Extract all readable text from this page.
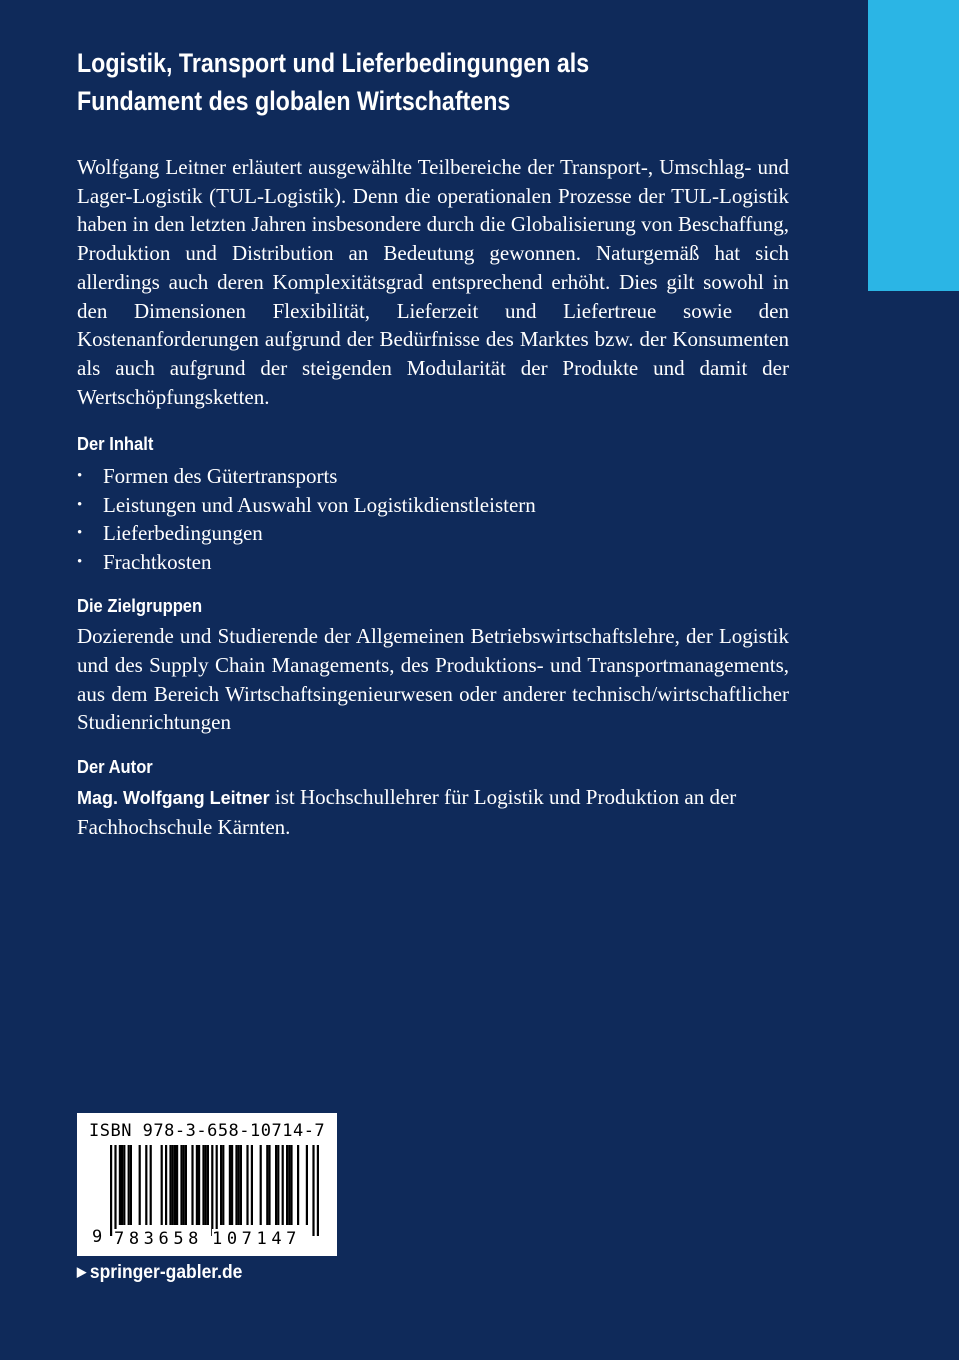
Logistik, Transport und Lieferbedingungen als
Fundament des globalen Wirtschaftens

Wolfgang Leitner erläutert ausgewählte Teilbereiche der Transport-, Umschlag- und Lager-Logistik (TUL-Logistik). Denn die operationalen Prozesse der TUL-Logistik haben in den letzten Jahren insbesondere durch die Globalisierung von Beschaffung, Produktion und Distribution an Bedeutung gewonnen. Naturgemäß hat sich allerdings auch deren Komplexitätsgrad entsprechend erhöht. Dies gilt sowohl in den Dimensionen Flexibilität, Lieferzeit und Liefertreue sowie den Kostenanforderungen aufgrund der Bedürfnisse des Marktes bzw. der Konsumenten als auch aufgrund der steigenden Modularität der Produkte und damit der Wertschöpfungsketten.

Der Inhalt
• Formen des Gütertransports
• Leistungen und Auswahl von Logistikdienstleistern
• Lieferbedingungen
• Frachtkosten
Die Zielgruppen

Dozierende und Studierende der Allgemeinen Betriebswirtschaftslehre, der Logistik und des Supply Chain Managements, des Produktions- und Transportmanagements, aus dem Bereich Wirtschaftsingenieurwesen oder anderer technisch/wirtschaftlicher Studienrichtungen

Der Autor

Mag. Wolfgang Leitner ist Hochschullehrer für Logistik und Produktion an der Fachhochschule Kärnten.

ISBN 978-3-658-10714-7
9 783658 107147
▶ springer-gabler.de
